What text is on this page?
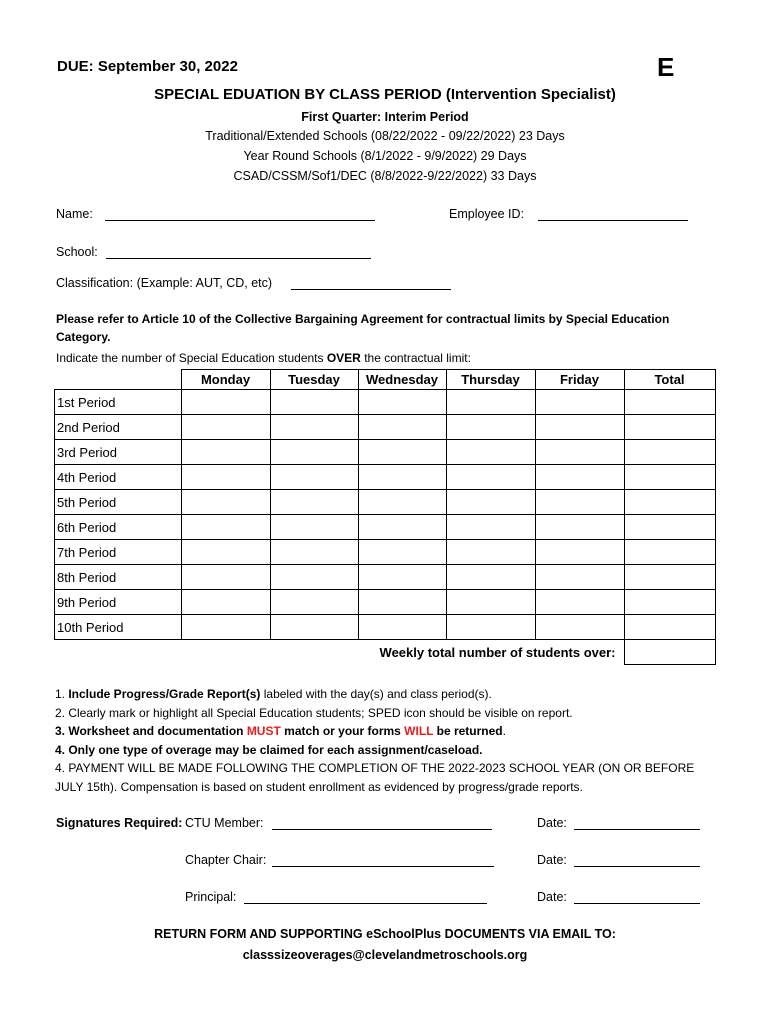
DUE: September 30, 2022	E
SPECIAL EDUATION BY CLASS PERIOD (Intervention Specialist)
First Quarter: Interim Period
Traditional/Extended Schools (08/22/2022 - 09/22/2022) 23 Days
Year Round Schools (8/1/2022 - 9/9/2022) 29 Days
CSAD/CSSM/Sof1/DEC (8/8/2022-9/22/2022) 33 Days
Name:	Employee ID:
School:
Classification: (Example: AUT, CD, etc)
Please refer to Article 10 of the Collective Bargaining Agreement for contractual limits by Special Education Category.
Indicate the number of Special Education students OVER the contractual limit:
	Monday	Tuesday	Wednesday	Thursday	Friday	Total
1st Period						
2nd Period						
3rd Period						
4th Period						
5th Period						
6th Period						
7th Period						
8th Period						
9th Period						
10th Period						
Weekly total number of students over:						
1. Include Progress/Grade Report(s) labeled with the day(s) and class period(s).
2. Clearly mark or highlight all Special Education students; SPED icon should be visible on report.
3. Worksheet and documentation MUST match or your forms WILL be returned.
4. Only one type of overage may be claimed for each assignment/caseload.
4. PAYMENT WILL BE MADE FOLLOWING THE COMPLETION OF THE 2022-2023 SCHOOL YEAR (ON OR BEFORE JULY 15th). Compensation is based on student enrollment as evidenced by progress/grade reports.
Signatures Required: CTU Member:	Date:
Chapter Chair:	Date:
Principal:	Date:
RETURN FORM AND SUPPORTING eSchoolPlus DOCUMENTS VIA EMAIL TO:
classsizeoverages@clevelandmetroschools.org
